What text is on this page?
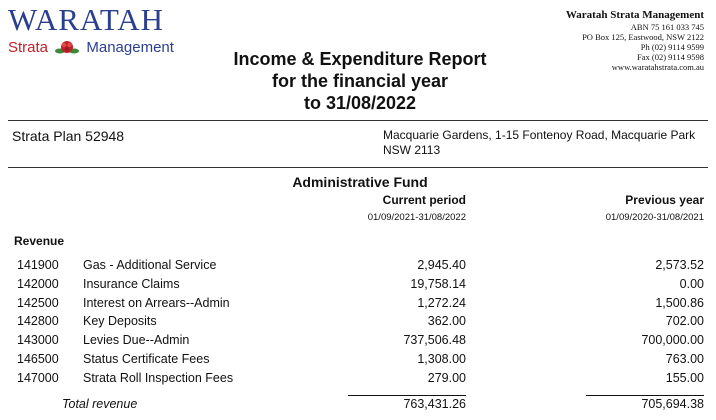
WARATAH
Strata	Management
Income & Expenditure Report
for the financial year
to 31/08/2022
Waratah Strata Management
ABN 75 161 033 745
PO Box 125, Eastwood, NSW 2122
Ph (02) 9114 9599
Fax (02) 9114 9598
www.waratahstrata.com.au
Strata Plan 52948	Macquarie Gardens, 1-15 Fontenoy Road, Macquarie Park NSW 2113
Administrative Fund
Current period
01/09/2021-31/08/2022
Previous year
01/09/2020-31/08/2021
Revenue
141900 Gas - Additional Service	2,945.40	2,573.52
142000 Insurance Claims	19,758.14	0.00
142500 Interest on Arrears--Admin	1,272.24	1,500.86
142800 Key Deposits	362.00	702.00
143000 Levies Due--Admin	737,506.48	700,000.00
146500 Status Certificate Fees	1,308.00	763.00
147000 Strata Roll Inspection Fees	279.00	155.00
Total revenue	763,431.26	705,694.38
